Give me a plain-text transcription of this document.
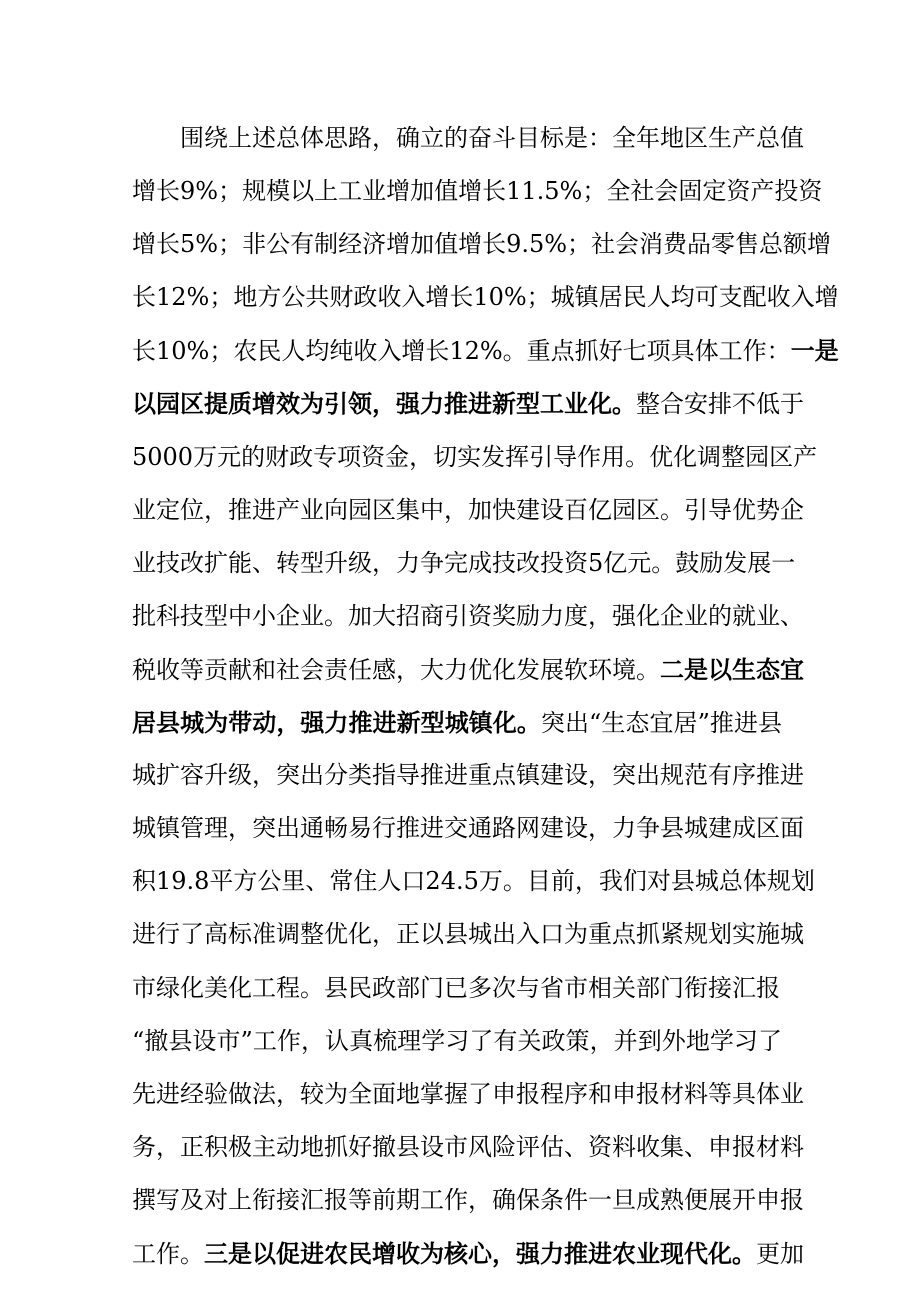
　　围绕上述总体思路，确立的奋斗目标是：全年地区生产总值
增长9%；规模以上工业增加值增长11.5%；全社会固定资产投资
增长5%；非公有制经济增加值增长9.5%；社会消费品零售总额增
长12%；地方公共财政收入增长10%；城镇居民人均可支配收入增
长10%；农民人均纯收入增长12%。重点抓好七项具体工作：一是
以园区提质增效为引领，强力推进新型工业化。整合安排不低于
5000万元的财政专项资金，切实发挥引导作用。优化调整园区产
业定位，推进产业向园区集中，加快建设百亿园区。引导优势企
业技改扩能、转型升级，力争完成技改投资5亿元。鼓励发展一
批科技型中小企业。加大招商引资奖励力度，强化企业的就业、
税收等贡献和社会责任感，大力优化发展软环境。二是以生态宜
居县城为带动，强力推进新型城镇化。突出“生态宜居”推进县
城扩容升级，突出分类指导推进重点镇建设，突出规范有序推进
城镇管理，突出通畅易行推进交通路网建设，力争县城建成区面
积19.8平方公里、常住人口24.5万。目前，我们对县城总体规划
进行了高标准调整优化，正以县城出入口为重点抓紧规划实施城
市绿化美化工程。县民政部门已多次与省市相关部门衔接汇报
“撤县设市”工作，认真梳理学习了有关政策，并到外地学习了
先进经验做法，较为全面地掌握了申报程序和申报材料等具体业
务，正积极主动地抓好撤县设市风险评估、资料收集、申报材料
撰写及对上衔接汇报等前期工作，确保条件一旦成熟便展开申报
工作。三是以促进农民增收为核心，强力推进农业现代化。更加
